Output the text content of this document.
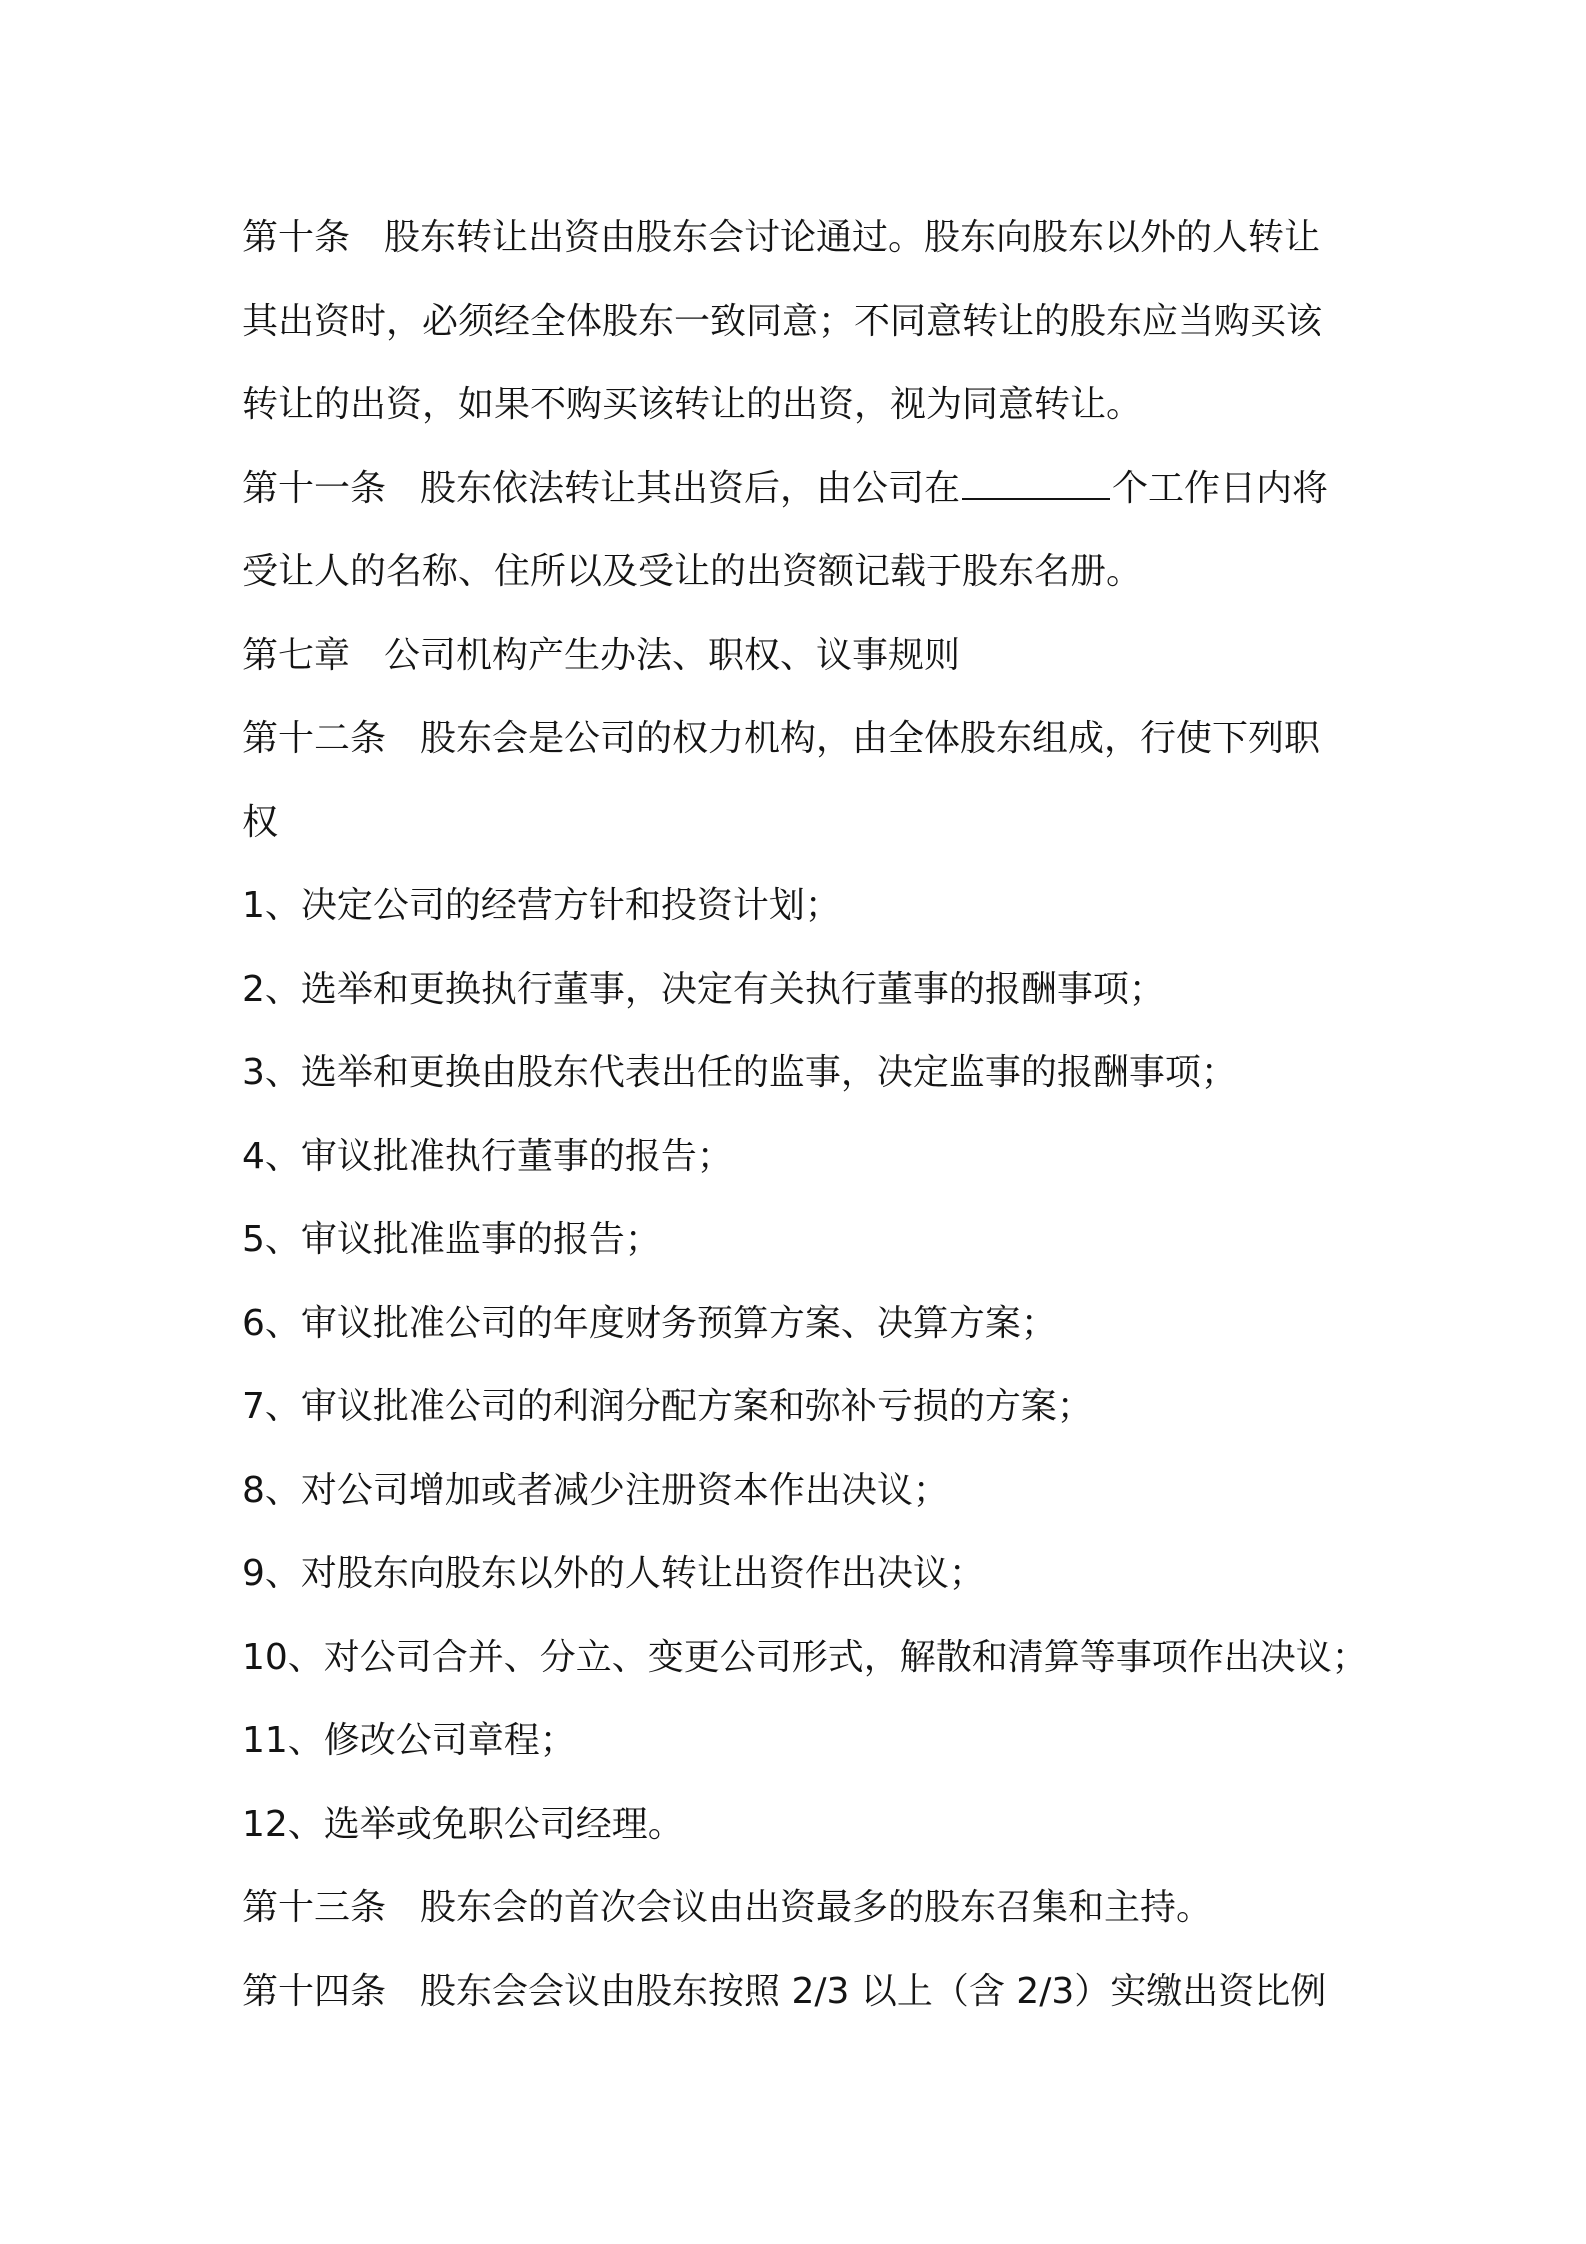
第十条 股东转让出资由股东会讨论通过。股东向股东以外的人转让
其出资时，必须经全体股东一致同意；不同意转让的股东应当购买该
转让的出资，如果不购买该转让的出资，视为同意转让。
第十一条 股东依法转让其出资后，由公司在	个工作日内将
受让人的名称、住所以及受让的出资额记载于股东名册。
第七章 公司机构产生办法、职权、议事规则
第十二条 股东会是公司的权力机构，由全体股东组成，行使下列职
权
1、决定公司的经营方针和投资计划；
2、选举和更换执行董事，决定有关执行董事的报酬事项；
3、选举和更换由股东代表出任的监事，决定监事的报酬事项；
4、审议批准执行董事的报告；
5、审议批准监事的报告；
6、审议批准公司的年度财务预算方案、决算方案；
7、审议批准公司的利润分配方案和弥补亏损的方案；
8、对公司增加或者减少注册资本作出决议；
9、对股东向股东以外的人转让出资作出决议；
10、对公司合并、分立、变更公司形式，解散和清算等事项作出决议；
11、修改公司章程；
12、选举或免职公司经理。
第十三条 股东会的首次会议由出资最多的股东召集和主持。
第十四条 股东会会议由股东按照 2/3 以上（含 2/3）实缴出资比例
